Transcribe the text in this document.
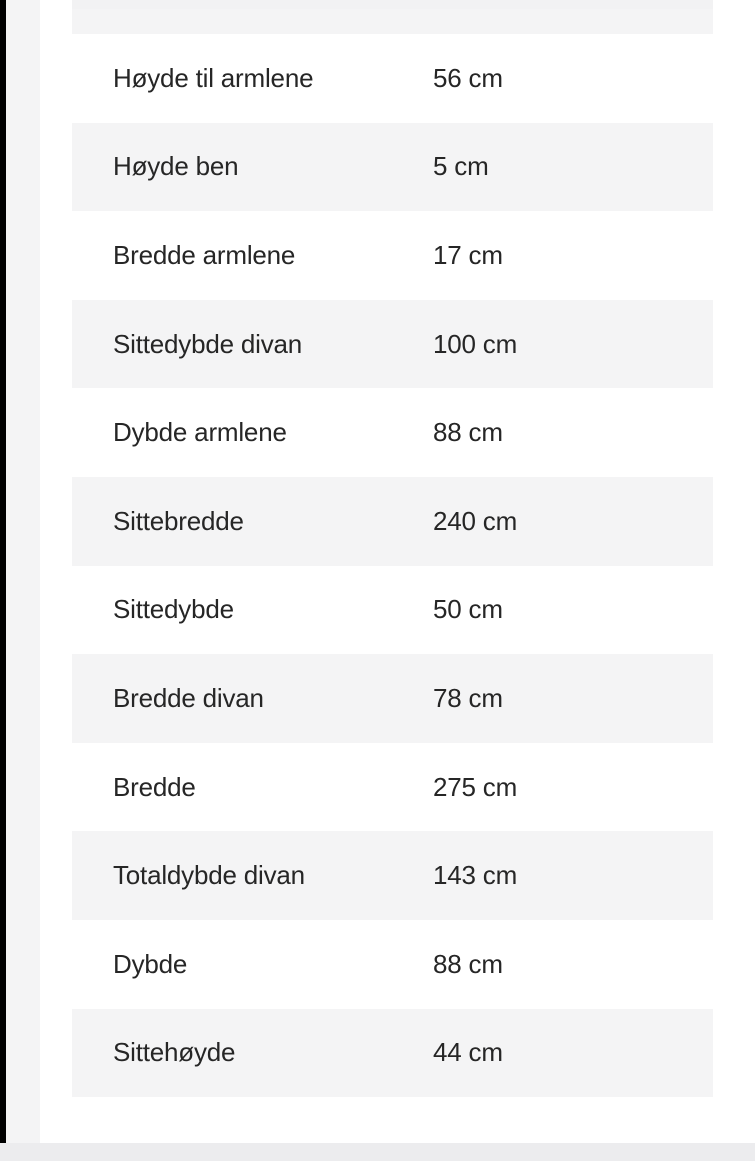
Høyde til armlene	56 cm
Høyde ben	5 cm
Bredde armlene	17 cm
Sittedybde divan	100 cm
Dybde armlene	88 cm
Sittebredde	240 cm
Sittedybde	50 cm
Bredde divan	78 cm
Bredde	275 cm
Totaldybde divan	143 cm
Dybde	88 cm
Sittehøyde	44 cm
